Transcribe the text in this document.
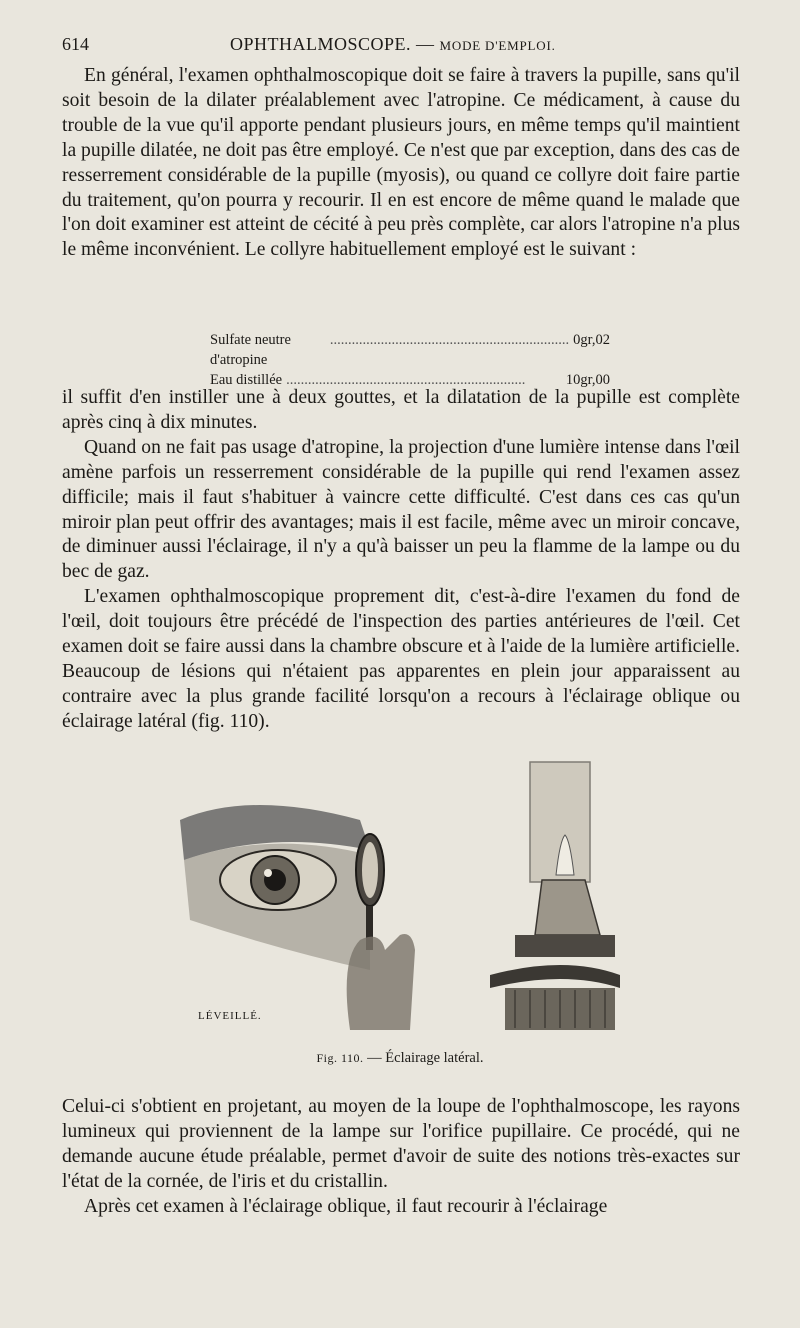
614	OPHTHALMOSCOPE. — MODE D'EMPLOI.

En général, l'examen ophthalmoscopique doit se faire à travers la pupille, sans qu'il soit besoin de la dilater préalablement avec l'atropine. Ce médicament, à cause du trouble de la vue qu'il apporte pendant plusieurs jours, en même temps qu'il maintient la pupille dilatée, ne doit pas être employé. Ce n'est que par exception, dans des cas de resserrement considérable de la pupille (myosis), ou quand ce collyre doit faire partie du traitement, qu'on pourra y recourir. Il en est encore de même quand le malade que l'on doit examiner est atteint de cécité à peu près complète, car alors l'atropine n'a plus le même inconvénient. Le collyre habituellement employé est le suivant :

Sulfate neutre d'atropine
.................................................................. 0gr,02
Eau distillée ..................................................................	10gr,00

il suffit d'en instiller une à deux gouttes, et la dilatation de la pupille est complète après cinq à dix minutes.

Quand on ne fait pas usage d'atropine, la projection d'une lumière intense dans l'œil amène parfois un resserrement considérable de la pupille qui rend l'examen assez difficile; mais il faut s'habituer à vaincre cette difficulté. C'est dans ces cas qu'un miroir plan peut offrir des avantages; mais il est facile, même avec un miroir concave, de diminuer aussi l'éclairage, il n'y a qu'à baisser un peu la flamme de la lampe ou du bec de gaz.

L'examen ophthalmoscopique proprement dit, c'est-à-dire l'examen du fond de l'œil, doit toujours être précédé de l'inspection des parties antérieures de l'œil. Cet examen doit se faire aussi dans la chambre obscure et à l'aide de la lumière artificielle. Beaucoup de lésions qui n'étaient pas apparentes en plein jour apparaissent au contraire avec la plus grande facilité lorsqu'on a recours à l'éclairage oblique ou éclairage latéral (fig. 110).

LÉVEILLÉ.
Fig. 110. — Éclairage latéral.

Celui-ci s'obtient en projetant, au moyen de la loupe de l'ophthalmoscope, les rayons lumineux qui proviennent de la lampe sur l'orifice pupillaire. Ce procédé, qui ne demande aucune étude préalable, permet d'avoir de suite des notions très-exactes sur l'état de la cornée, de l'iris et du cristallin.

Après cet examen à l'éclairage oblique, il faut recourir à l'éclairage
